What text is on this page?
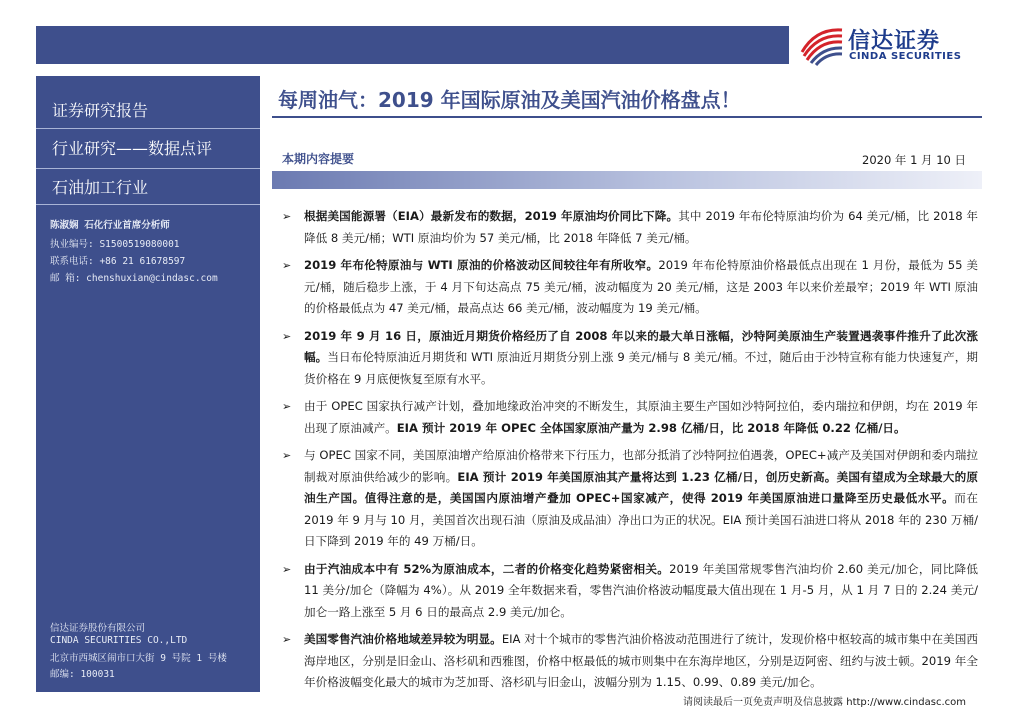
信达证券
CINDA SECURITIES
证券研究报告
行业研究——数据点评
石油加工行业
陈淑娴 石化行业首席分析师
执业编号: S1500519080001
联系电话: +86 21 61678597
邮 箱: chenshuxian@cindasc.com
信达证券股份有限公司
CINDA SECURITIES CO.,LTD
北京市西城区闹市口大街 9 号院 1 号楼
邮编: 100031
每周油气：2019 年国际原油及美国汽油价格盘点！
本期内容提要	2020 年 1 月 10 日
➢ 根据美国能源署（EIA）最新发布的数据，2019 年原油均价同比下降。其中 2019 年布伦特原油均价为 64 美元/桶，比 2018 年降低 8 美元/桶；WTI 原油均价为 57 美元/桶，比 2018 年降低 7 美元/桶。
➢ 2019 年布伦特原油与 WTI 原油的价格波动区间较往年有所收窄。2019 年布伦特原油价格最低点出现在 1 月份，最低为 55 美元/桶，随后稳步上涨，于 4 月下旬达高点 75 美元/桶，波动幅度为 20 美元/桶，这是 2003 年以来价差最窄；2019 年 WTI 原油的价格最低点为 47 美元/桶，最高点达 66 美元/桶，波动幅度为 19 美元/桶。
➢ 2019 年 9 月 16 日，原油近月期货价格经历了自 2008 年以来的最大单日涨幅，沙特阿美原油生产装置遇袭事件推升了此次涨幅。当日布伦特原油近月期货和 WTI 原油近月期货分别上涨 9 美元/桶与 8 美元/桶。不过，随后由于沙特宣称有能力快速复产，期货价格在 9 月底便恢复至原有水平。
➢ 由于 OPEC 国家执行减产计划，叠加地缘政治冲突的不断发生，其原油主要生产国如沙特阿拉伯，委内瑞拉和伊朗，均在 2019 年出现了原油减产。EIA 预计 2019 年 OPEC 全体国家原油产量为 2.98 亿桶/日，比 2018 年降低 0.22 亿桶/日。
➢ 与 OPEC 国家不同，美国原油增产给原油价格带来下行压力，也部分抵消了沙特阿拉伯遇袭，OPEC+减产及美国对伊朗和委内瑞拉制裁对原油供给减少的影响。EIA 预计 2019 年美国原油其产量将达到 1.23 亿桶/日，创历史新高。美国有望成为全球最大的原油生产国。值得注意的是，美国国内原油增产叠加 OPEC+国家减产，使得 2019 年美国原油进口量降至历史最低水平。而在 2019 年 9 月与 10 月，美国首次出现石油（原油及成品油）净出口为正的状况。EIA 预计美国石油进口将从 2018 年的 230 万桶/日下降到 2019 年的 49 万桶/日。
➢ 由于汽油成本中有 52%为原油成本，二者的价格变化趋势紧密相关。2019 年美国常规零售汽油均价 2.60 美元/加仑，同比降低 11 美分/加仑（降幅为 4%）。从 2019 全年数据来看，零售汽油价格波动幅度最大值出现在 1 月-5 月，从 1 月 7 日的 2.24 美元/加仑一路上涨至 5 月 6 日的最高点 2.9 美元/加仑。
➢ 美国零售汽油价格地域差异较为明显。EIA 对十个城市的零售汽油价格波动范围进行了统计，发现价格中枢较高的城市集中在美国西海岸地区，分别是旧金山、洛杉矶和西雅图，价格中枢最低的城市则集中在东海岸地区，分别是迈阿密、纽约与波士顿。2019 年全年价格波幅变化最大的城市为芝加哥、洛杉矶与旧金山，波幅分别为 1.15、0.99、0.89 美元/加仑。
请阅读最后一页免责声明及信息披露 http://www.cindasc.com
